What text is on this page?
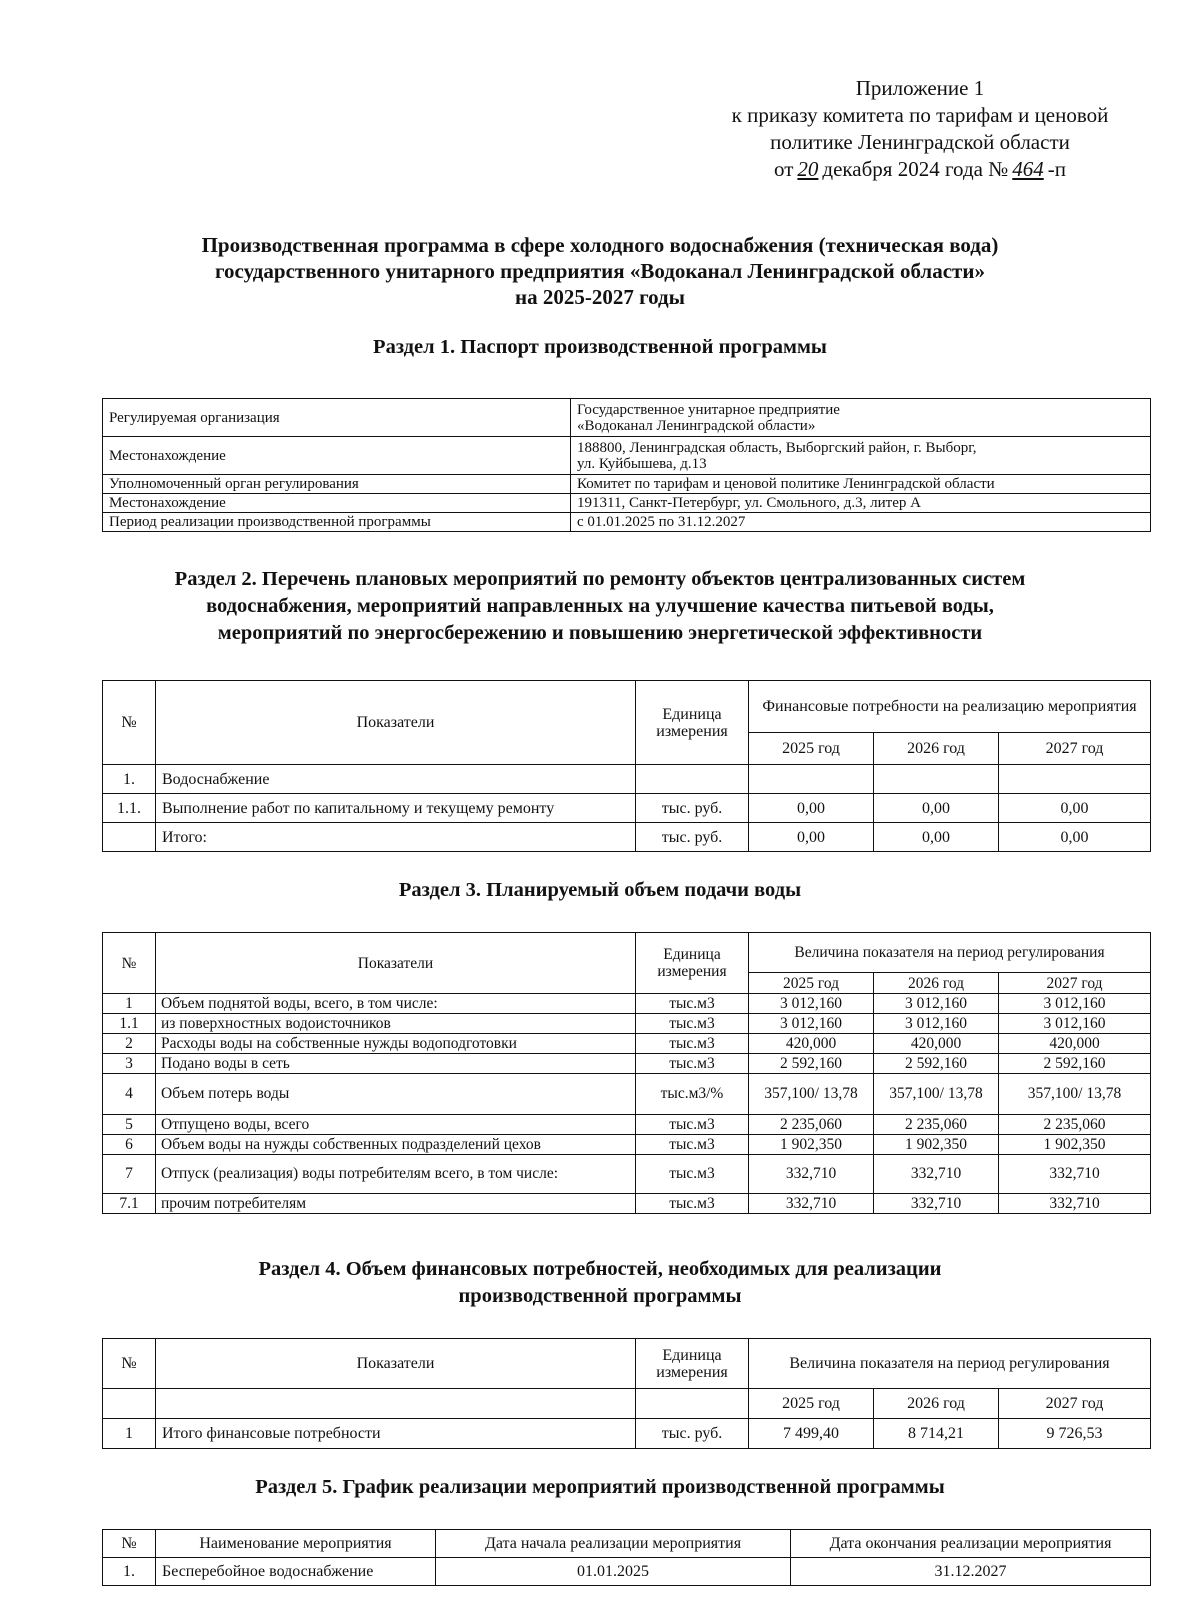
Приложение 1
к приказу комитета по тарифам и ценовой
политике Ленинградской области
от 20 декабря 2024 года № 464 -п
Производственная программа в сфере холодного водоснабжения (техническая вода)
государственного унитарного предприятия «Водоканал Ленинградской области»
на 2025-2027 годы
Раздел 1. Паспорт производственной программы
Регулируемая организация	Государственное унитарное предприятие
«Водоканал Ленинградской области»

Местонахождение	188800, Ленинградская область, Выборгский район, г. Выборг,
ул. Куйбышева, д.13

Уполномоченный орган регулирования	Комитет по тарифам и ценовой политике Ленинградской области
Местонахождение	191311, Санкт-Петербург, ул. Смольного, д.3, литер А
Период реализации производственной программы	с 01.01.2025 по 31.12.2027
Раздел 2. Перечень плановых мероприятий по ремонту объектов централизованных систем
водоснабжения, мероприятий направленных на улучшение качества питьевой воды,
мероприятий по энергосбережению и повышению энергетической эффективности
№	Показатели	Единица измерения	Финансовые потребности на реализацию мероприятия		
			2025 год	2026 год	2027 год
1.	Водоснабжение				
1.1.	Выполнение работ по капитальному и текущему ремонту	тыс. руб.	0,00	0,00	0,00
	Итого:	тыс. руб.	0,00	0,00	0,00
Раздел 3. Планируемый объем подачи воды
№	Показатели	Единица измерения	Величина показателя на период регулирования		
			2025 год	2026 год	2027 год
1	Объем поднятой воды, всего, в том числе:	тыс.м3	3 012,160	3 012,160	3 012,160
1.1	из поверхностных водоисточников	тыс.м3	3 012,160	3 012,160	3 012,160
2	Расходы воды на собственные нужды водоподготовки	тыс.м3	420,000	420,000	420,000
3	Подано воды в сеть	тыс.м3	2 592,160	2 592,160	2 592,160
4	Объем потерь воды	тыс.м3/%	357,100/ 13,78	357,100/ 13,78	357,100/ 13,78
5	Отпущено воды, всего	тыс.м3	2 235,060	2 235,060	2 235,060
6	Объем воды на нужды собственных подразделений цехов	тыс.м3	1 902,350	1 902,350	1 902,350
7	Отпуск (реализация) воды потребителям всего, в том числе:	тыс.м3	332,710	332,710	332,710
7.1	прочим потребителям	тыс.м3	332,710	332,710	332,710
Раздел 4. Объем финансовых потребностей, необходимых для реализации
производственной программы
№	Показатели	Единица измерения	Величина показателя на период регулирования		
			2025 год	2026 год	2027 год
1	Итого финансовые потребности	тыс. руб.	7 499,40	8 714,21	9 726,53
Раздел 5. График реализации мероприятий производственной программы
№	Наименование мероприятия	Дата начала реализации мероприятия	Дата окончания реализации мероприятия
1.	Бесперебойное водоснабжение	01.01.2025	31.12.2027
